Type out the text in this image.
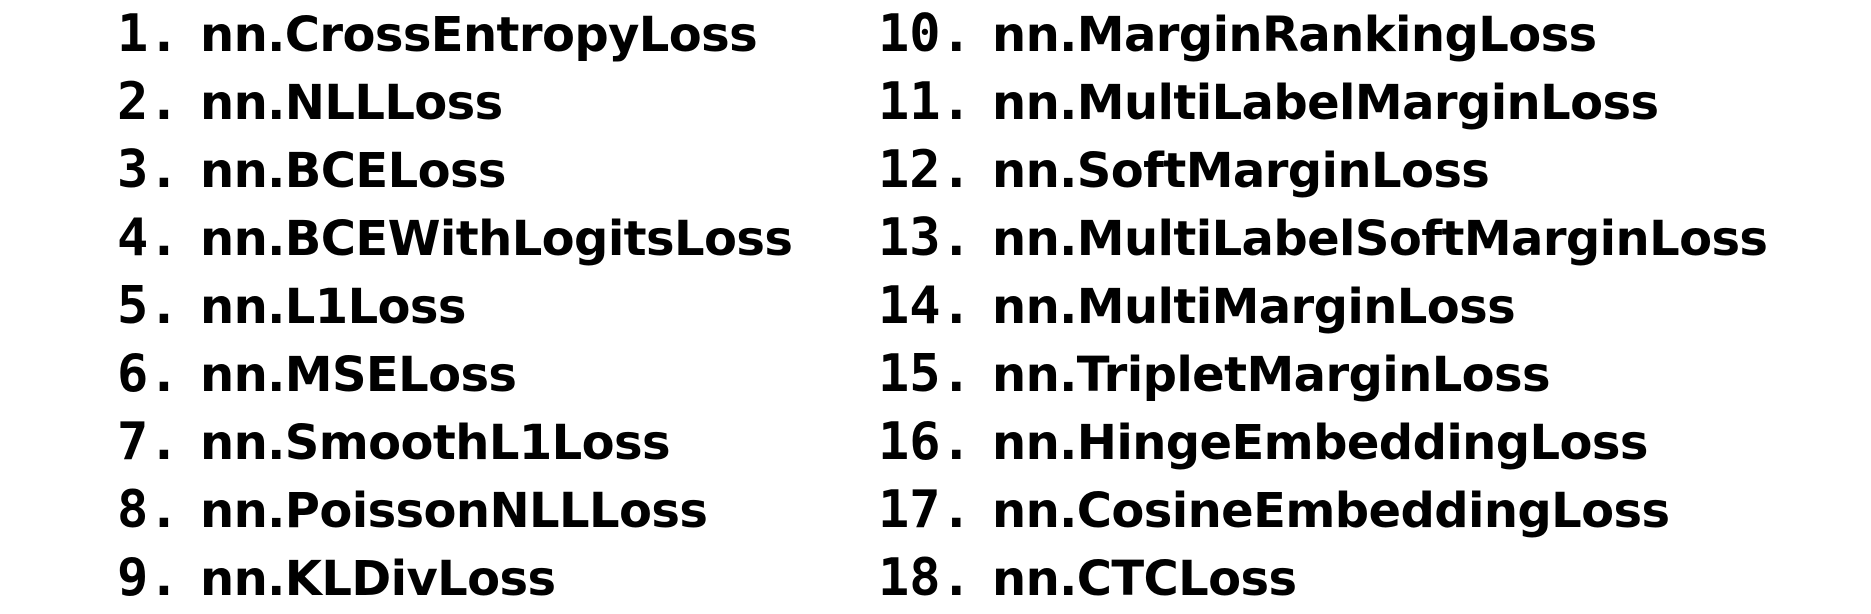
1. nn.CrossEntropyLoss
2. nn.NLLLoss
3. nn.BCELoss
4. nn.BCEWithLogitsLoss
5. nn.L1Loss
6. nn.MSELoss
7. nn.SmoothL1Loss
8. nn.PoissonNLLLoss
9. nn.KLDivLoss
10. nn.MarginRankingLoss
11. nn.MultiLabelMarginLoss
12. nn.SoftMarginLoss
13. nn.MultiLabelSoftMarginLoss
14. nn.MultiMarginLoss
15. nn.TripletMarginLoss
16. nn.HingeEmbeddingLoss
17. nn.CosineEmbeddingLoss
18. nn.CTCLoss
